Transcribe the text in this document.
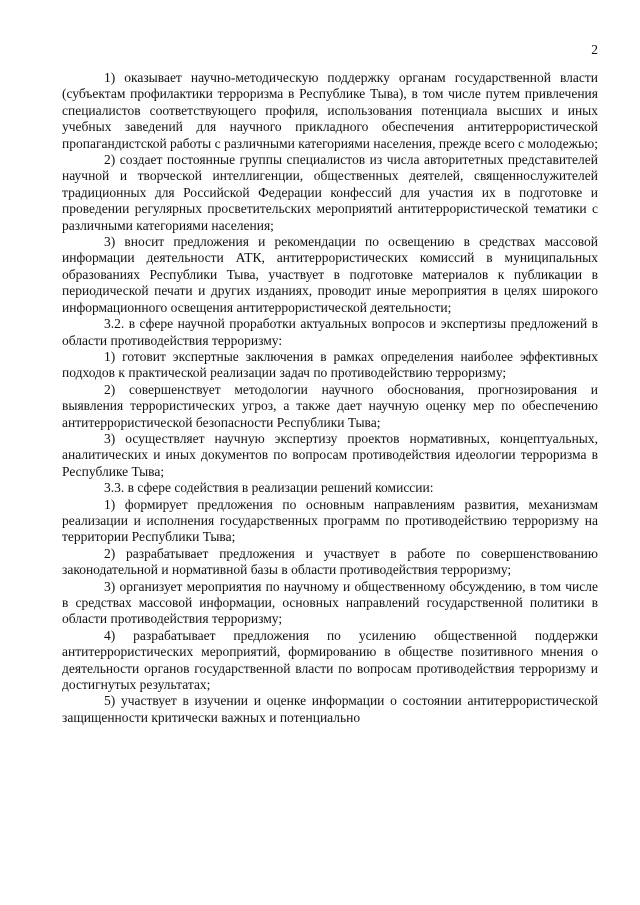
2

1) оказывает научно-методическую поддержку органам государственной власти (субъектам профилактики терроризма в Республике Тыва), в том числе путем привлечения специалистов соответствующего профиля, использования потенциала высших и иных учебных заведений для научного прикладного обеспечения антитеррористической пропагандистской работы с различными категориями населения, прежде всего с молодежью;

2) создает постоянные группы специалистов из числа авторитетных представителей научной и творческой интеллигенции, общественных деятелей, священнослужителей традиционных для Российской Федерации конфессий для участия их в подготовке и проведении регулярных просветительских мероприятий антитеррористической тематики с различными категориями населения;

3) вносит предложения и рекомендации по освещению в средствах массовой информации деятельности АТК, антитеррористических комиссий в муниципальных образованиях Республики Тыва, участвует в подготовке материалов к публикации в периодической печати и других изданиях, проводит иные мероприятия в целях широкого информационного освещения антитеррористической деятельности;

3.2. в сфере научной проработки актуальных вопросов и экспертизы предложений в области противодействия терроризму:

1) готовит экспертные заключения в рамках определения наиболее эффективных подходов к практической реализации задач по противодействию терроризму;

2) совершенствует методологии научного обоснования, прогнозирования и выявления террористических угроз, а также дает научную оценку мер по обеспечению антитеррористической безопасности Республики Тыва;

3) осуществляет научную экспертизу проектов нормативных, концептуальных, аналитических и иных документов по вопросам противодействия идеологии терроризма в Республике Тыва;

3.3. в сфере содействия в реализации решений комиссии:

1) формирует предложения по основным направлениям развития, механизмам реализации и исполнения государственных программ по противодействию терроризму на территории Республики Тыва;

2) разрабатывает предложения и участвует в работе по совершенствованию законодательной и нормативной базы в области противодействия терроризму;

3) организует мероприятия по научному и общественному обсуждению, в том числе в средствах массовой информации, основных направлений государственной политики в области противодействия терроризму;

4) разрабатывает предложения по усилению общественной поддержки антитеррористических мероприятий, формированию в обществе позитивного мнения о деятельности органов государственной власти по вопросам противодействия терроризму и достигнутых результатах;

5) участвует в изучении и оценке информации о состоянии антитеррористической защищенности критически важных и потенциально
